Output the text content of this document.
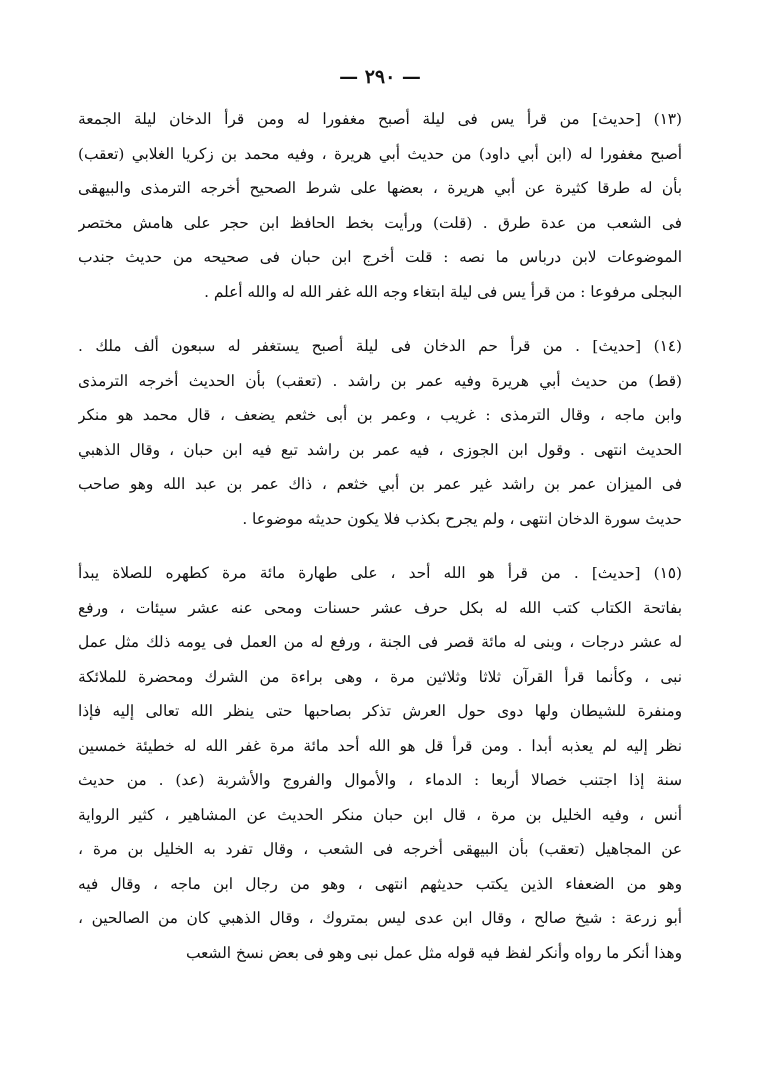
— ٢٩٠ —
(١٣) [حديث] من قرأ يس فى ليلة أصبح مغفورا له ومن قرأ الدخان ليلة الجمعة
أصبح مغفورا له (ابن أبي داود) من حديث أبي هريرة ، وفيه محمد بن زكريا الغلابي (تعقب)
بأن له طرقا كثيرة عن أبي هريرة ، بعضها على شرط الصحيح أخرجه الترمذى والبيهقى
فى الشعب من عدة طرق . (قلت) ورأيت بخط الحافظ ابن حجر على هامش مختصر
الموضوعات لابن درباس ما نصه : قلت أخرج ابن حبان فى صحيحه من حديث جندب
البجلى مرفوعا : من قرأ يس فى ليلة ابتغاء وجه الله غفر الله له والله أعلم .
(١٤) [حديث] . من قرأ حم الدخان فى ليلة أصبح يستغفر له سبعون ألف ملك .
(قط) من حديث أبي هريرة وفيه عمر بن راشد . (تعقب) بأن الحديث أخرجه الترمذى
وابن ماجه ، وقال الترمذى : غريب ، وعمر بن أبى خثعم يضعف ، قال محمد هو منكر
الحديث انتهى . وقول ابن الجوزى ، فيه عمر بن راشد تبع فيه ابن حبان ، وقال الذهبي
فى الميزان عمر بن راشد غير عمر بن أبي خثعم ، ذاك عمر بن عبد الله وهو صاحب
حديث سورة الدخان انتهى ، ولم يجرح بكذب فلا يكون حديثه موضوعا .
(١٥) [حديث] . من قرأ هو الله أحد ، على طهارة مائة مرة كطهره للصلاة يبدأ
بفاتحة الكتاب كتب الله له بكل حرف عشر حسنات ومحى عنه عشر سيئات ، ورفع
له عشر درجات ، وبنى له مائة قصر فى الجنة ، ورفع له من العمل فى يومه ذلك مثل عمل
نبى ، وكأنما قرأ القرآن ثلاثا وثلاثين مرة ، وهى براءة من الشرك ومحضرة للملائكة
ومنفرة للشيطان ولها دوى حول العرش تذكر بصاحبها حتى ينظر الله تعالى إليه فإذا
نظر إليه لم يعذبه أبدا . ومن قرأ قل هو الله أحد مائة مرة غفر الله له خطيئة خمسين
سنة إذا اجتنب خصالا أربعا : الدماء ، والأموال والفروج والأشربة (عد) . من حديث
أنس ، وفيه الخليل بن مرة ، قال ابن حبان منكر الحديث عن المشاهير ، كثير الرواية
عن المجاهيل (تعقب) بأن البيهقى أخرجه فى الشعب ، وقال تفرد به الخليل بن مرة ،
وهو من الضعفاء الذين يكتب حديثهم انتهى ، وهو من رجال ابن ماجه ، وقال فيه
أبو زرعة : شيخ صالح ، وقال ابن عدى ليس بمتروك ، وقال الذهبي كان من الصالحين ،
وهذا أنكر ما رواه وأنكر لفظ فيه قوله مثل عمل نبى وهو فى بعض نسخ الشعب
